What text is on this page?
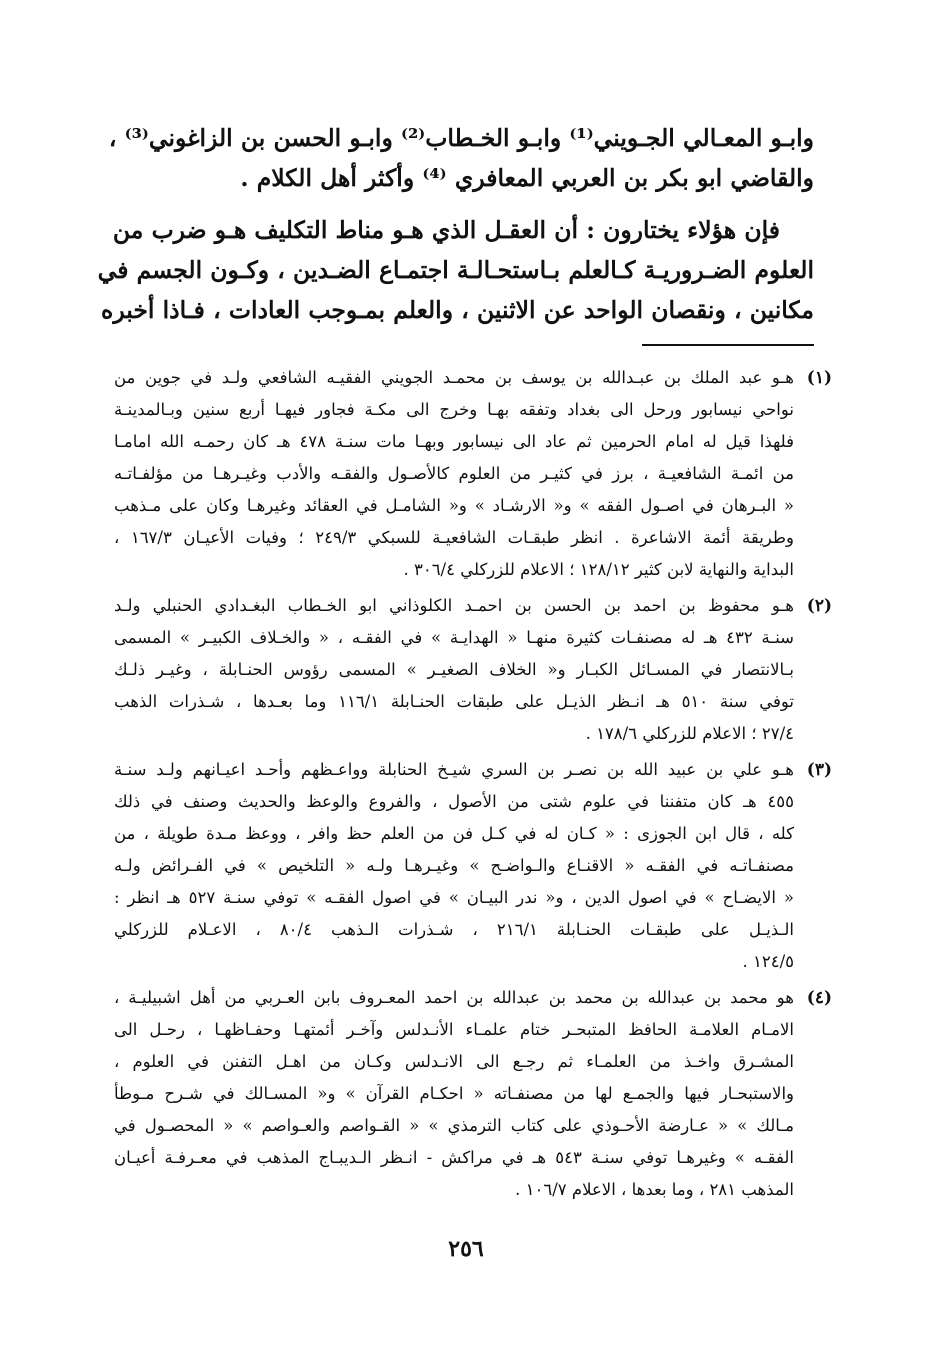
وابـو المعـالي الجـويني⁽¹⁾ وابـو الخـطاب⁽²⁾ وابـو الحسن بن الزاغوني⁽³⁾ ،
والقاضي ابو بكر بن العربي المعافري ⁽⁴⁾ وأكثر أهل الكلام .
فإن هؤلاء يختارون : أن العقـل الذي هـو مناط التكليف هـو ضرب من
العلوم الضـروريـة كـالعلم بـاستحـالـة اجتمـاع الضـدين ، وكـون الجسم في
مكانين ، ونقصان الواحد عن الاثنين ، والعلم بمـوجب العادات ، فـاذا أخبره
(١)
هـو عبد الملك بن عبـدالله بن يوسف بن محمـد الجويني الفقيـه الشافعي ولـد في جوين من
نواحي نيسابور ورحل الى بغداد وتفقه بهـا وخرج الى مكـة فجاور فيهـا أربع سنين وبـالمدينـة
فلهذا قيل له امام الحرمين ثم عاد الى نيسابور وبهـا مات سنـة ٤٧٨ هـ كان رحمـه الله امامـا
من ائمـة الشافعيـة ، برز في كثيـر من العلوم كالأصـول والفقـه والأدب وغيـرهـا من مؤلفـاتـه
« البـرهان في اصـول الفقه » و« الارشـاد » و« الشامـل في العقائد وغيرهـا وكان على مـذهب
وطريقة أئمة الاشاعرة . انظر طبقـات الشافعيـة للسبكي ٢٤٩/٣ ؛ وفيات الأعيـان ١٦٧/٣ ،
البداية والنهاية لابن كثير ١٢٨/١٢ ؛ الاعلام للزركلي ٣٠٦/٤ .
(٢)
هـو محفوظ بن احمد بن الحسن بن احمـد الكلوذاني ابو الخـطاب البغـدادي الحنبلي ولـد
سنـة ٤٣٢ هـ له مصنفـات كثيرة منهـا « الهدايـة » في الفقـه ، « والخـلاف الكبيـر » المسمى
بـالانتصار في المسـائل الكبـار و« الخلاف الصغيـر » المسمى رؤوس الحنـابلة ، وغيـر ذلـك
توفي سنة ٥١٠ هـ انـظر الذيـل على طبقات الحنـابلة ١١٦/١ وما بعـدها ، شـذرات الذهب
٢٧/٤ ؛ الاعلام للزركلي ١٧٨/٦ .
(٣)
هـو علي بن عبيد الله بن نصـر بن السري شيـخ الحنابلة وواعـظهم وأحـد اعيـانهم ولـد سنـة
٤٥٥ هـ كان متفننا في علوم شتى من الأصول ، والفروع والوعظ والحديث وصنف في ذلك
كله ، قال ابن الجوزى : « كـان له في كـل فن من العلم حظ وافر ، ووعظ مـدة طويلة ، من
مصنفـاتـه في الفقـه « الاقنـاع والـواضـح » وغيـرهـا ولـه « التلخيص » في الفـرائض ولـه
« الايضـاح » في اصول الدين ، و« ندر البيـان » في اصول الفقـه » توفي سنـة ٥٢٧ هـ انظر :
الـذيـل على طبقـات الحنـابلة ٢١٦/١ ، شـذرات الـذهب ٨٠/٤ ، الاعـلام للزركلي
١٢٤/٥ .
(٤)
هو محمد بن عبدالله بن محمد بن عبدالله بن احمد المعـروف بابن العـربي من أهل اشبيليـة ،
الامـام العلامـة الحافظ المتبحـر ختام علمـاء الأنـدلس وآخـر أئمتهـا وحفـاظهـا ، رحـل الى
المشـرق واخـذ من العلمـاء ثم رجـع الى الانـدلس وكـان من اهـل التفنن في العلوم ،
والاستبحـار فيها والجمـع لها من مصنفـاته « احكـام القرآن » و« المسـالك في شـرح مـوطأ
مـالك » « عـارضة الأحـوذي على كتاب الترمذي » « القـواصم والعـواصم » « المحصـول في
الفقـه » وغيرهـا توفي سنـة ٥٤٣ هـ في مراكش - انـظر الـديبـاج المذهب في معـرفـة أعيـان
المذهب ٢٨١ ، وما بعدها ، الاعلام ١٠٦/٧ .
٢٥٦
